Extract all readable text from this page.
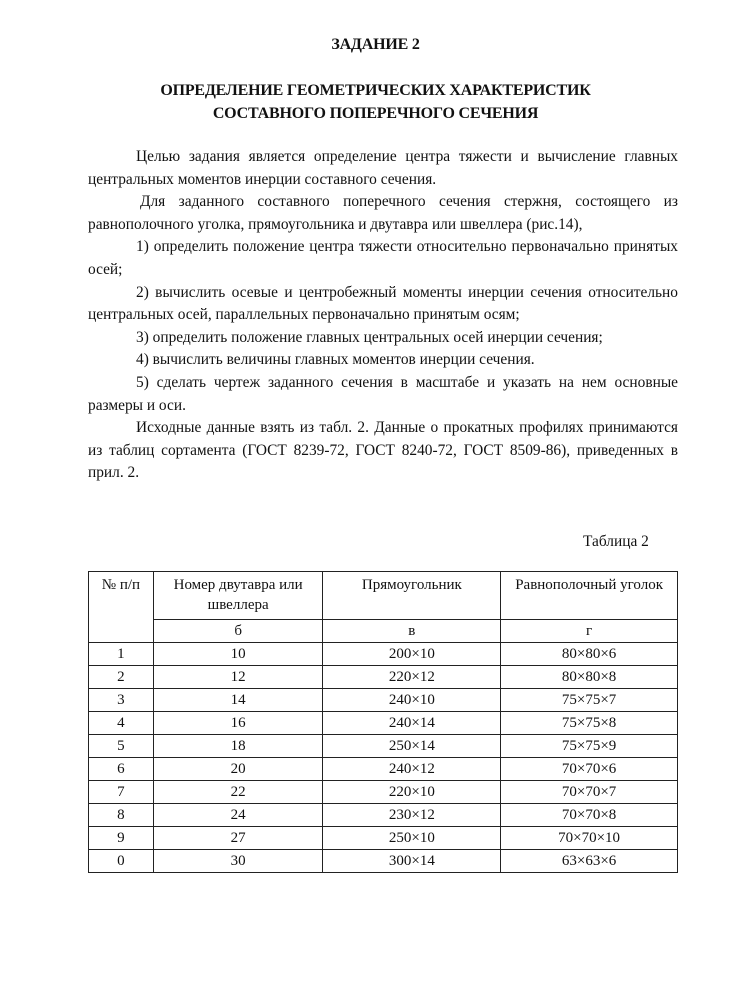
ЗАДАНИЕ 2
ОПРЕДЕЛЕНИЕ ГЕОМЕТРИЧЕСКИХ ХАРАКТЕРИСТИК
СОСТАВНОГО ПОПЕРЕЧНОГО СЕЧЕНИЯ

Целью задания является определение центра тяжести и вычисление главных центральных моментов инерции составного сечения.

Для заданного составного поперечного сечения стержня, состоящего из равнополочного уголка, прямоугольника и двутавра или швеллера (рис.14),

1) определить положение центра тяжести относительно первоначально принятых осей;

2) вычислить осевые и центробежный моменты инерции сечения относительно центральных осей, параллельных первоначально принятым осям;

3) определить положение главных центральных осей инерции сечения;

4) вычислить величины главных моментов инерции сечения.

5) сделать чертеж заданного сечения в масштабе и указать на нем основные размеры и оси.

Исходные данные взять из табл. 2. Данные о прокатных профилях принимаются из таблиц сортамента (ГОСТ 8239-72, ГОСТ 8240-72, ГОСТ 8509-86), приведенных в прил. 2.

Таблица 2
№ п/п	Номер двутавра или швеллера	Прямоугольник	Равнополочный уголок
	б	в	г
1	10	200×10	80×80×6
2	12	220×12	80×80×8
3	14	240×10	75×75×7
4	16	240×14	75×75×8
5	18	250×14	75×75×9
6	20	240×12	70×70×6
7	22	220×10	70×70×7
8	24	230×12	70×70×8
9	27	250×10	70×70×10
0	30	300×14	63×63×6
